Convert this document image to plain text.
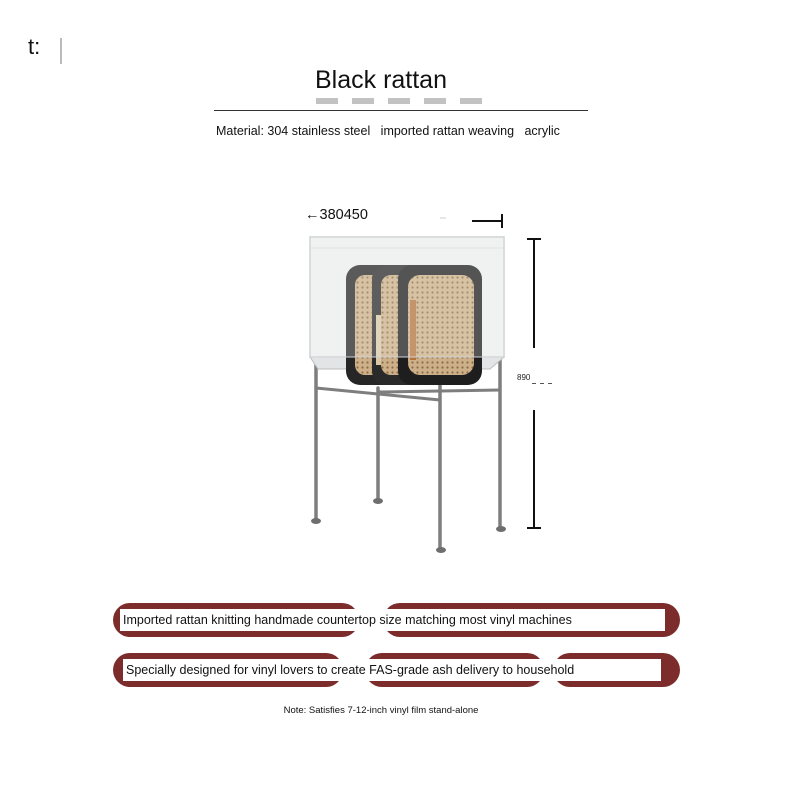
t:
Black rattan
Material: 304 stainless steel   imported rattan weaving   acrylic
←380450
890
Imported rattan knitting handmade countertop size matching most vinyl machines
Specially designed for vinyl lovers to create FAS-grade ash delivery to household
Note: Satisfies 7-12-inch vinyl film stand-alone
